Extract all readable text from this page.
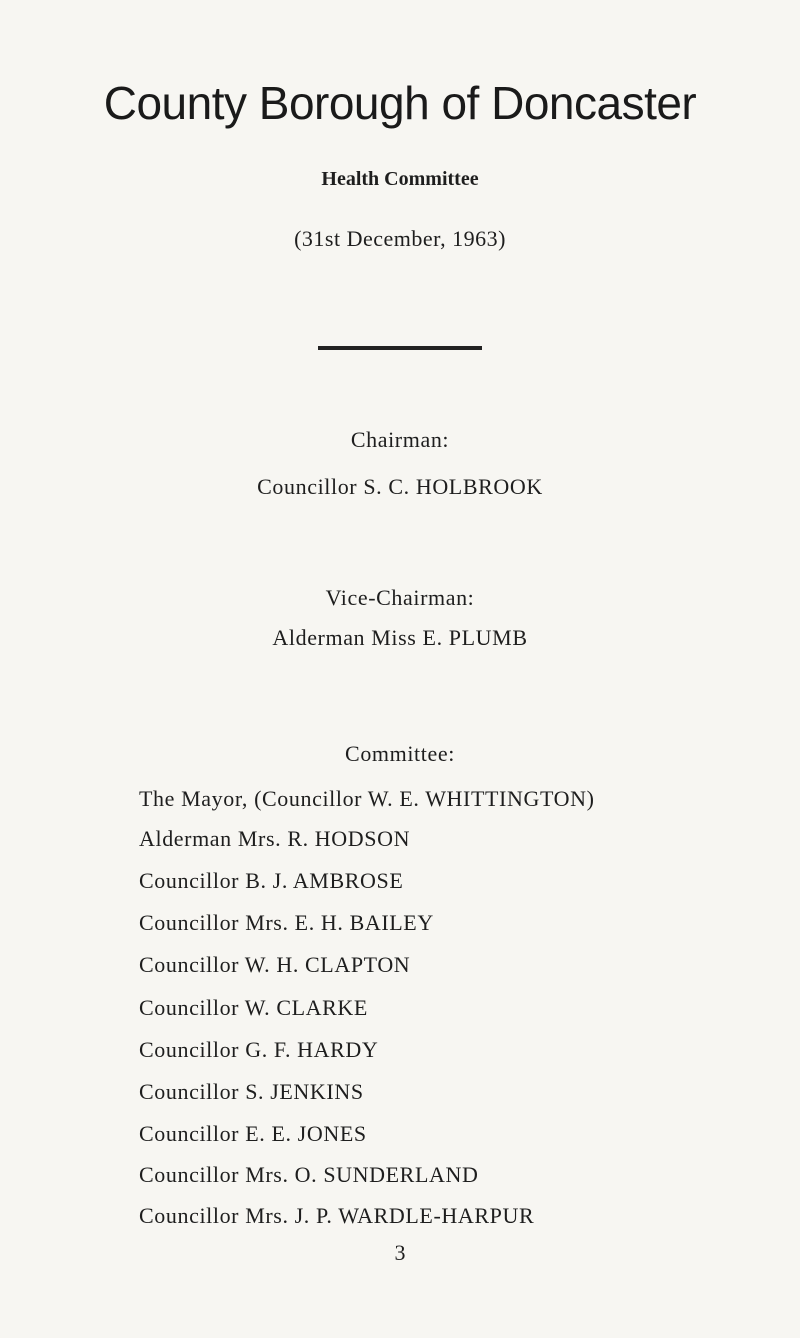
County Borough of Doncaster
Health Committee
(31st December, 1963)
Chairman:
Councillor S. C. HOLBROOK
Vice-Chairman:
Alderman Miss E. PLUMB
Committee:
The Mayor, (Councillor W. E. WHITTINGTON)
Alderman Mrs. R. HODSON
Councillor B. J. AMBROSE
Councillor Mrs. E. H. BAILEY
Councillor W. H. CLAPTON
Councillor W. CLARKE
Councillor G. F. HARDY
Councillor S. JENKINS
Councillor E. E. JONES
Councillor Mrs. O. SUNDERLAND
Councillor Mrs. J. P. WARDLE-HARPUR
3
